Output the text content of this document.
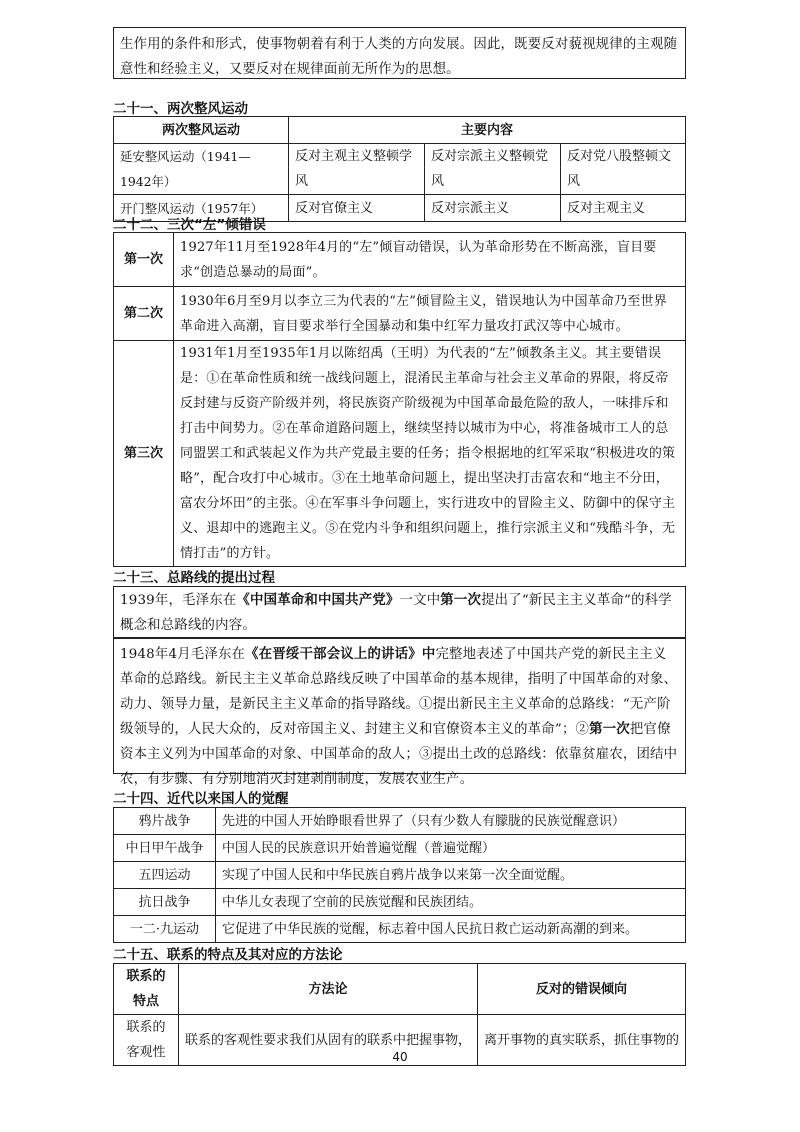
生作用的条件和形式，使事物朝着有利于人类的方向发展。因此，既要反对藐视规律的主观随意性和经验主义，又要反对在规律面前无所作为的思想。
二十一、两次整风运动
两次整风运动	主要内容		
延安整风运动（1941—1942年）	反对主观主义整顿学风	反对宗派主义整顿党风	反对党八股整顿文风
开门整风运动（1957年）	反对官僚主义	反对宗派主义	反对主观主义
二十二、三次“左”倾错误
第一次	1927年11月至1928年4月的“左”倾盲动错误，认为革命形势在不断高涨，盲目要求“创造总暴动的局面”。
第二次	1930年6月至9月以李立三为代表的“左”倾冒险主义，错误地认为中国革命乃至世界革命进入高潮，盲目要求举行全国暴动和集中红军力量攻打武汉等中心城市。
第三次	1931年1月至1935年1月以陈绍禹（王明）为代表的“左”倾教条主义。其主要错误是：①在革命性质和统一战线问题上，混淆民主革命与社会主义革命的界限，将反帝反封建与反资产阶级并列，将民族资产阶级视为中国革命最危险的敌人，一味排斥和打击中间势力。②在革命道路问题上，继续坚持以城市为中心，将准备城市工人的总同盟罢工和武装起义作为共产党最主要的任务；指令根据地的红军采取“积极进攻的策略”，配合攻打中心城市。③在土地革命问题上，提出坚决打击富农和“地主不分田，富农分坏田”的主张。④在军事斗争问题上，实行进攻中的冒险主义、防御中的保守主义、退却中的逃跑主义。⑤在党内斗争和组织问题上，推行宗派主义和“残酷斗争，无情打击”的方针。
二十三、总路线的提出过程
1939年，毛泽东在《中国革命和中国共产党》一文中第一次提出了“新民主主义革命”的科学概念和总路线的内容。
1948年4月毛泽东在《在晋绥干部会议上的讲话》中完整地表述了中国共产党的新民主主义革命的总路线。新民主主义革命总路线反映了中国革命的基本规律，指明了中国革命的对象、动力、领导力量，是新民主主义革命的指导路线。①提出新民主主义革命的总路线：“无产阶级领导的，人民大众的，反对帝国主义、封建主义和官僚资本主义的革命”；②第一次把官僚资本主义列为中国革命的对象、中国革命的敌人；③提出土改的总路线：依靠贫雇农，团结中农，有步骤、有分别地消灭封建剥削制度，发展农业生产。
二十四、近代以来国人的觉醒
鸦片战争	先进的中国人开始睁眼看世界了（只有少数人有朦胧的民族觉醒意识）
中日甲午战争	中国人民的民族意识开始普遍觉醒（普遍觉醒）
五四运动	实现了中国人民和中华民族自鸦片战争以来第一次全面觉醒。
抗日战争	中华儿女表现了空前的民族觉醒和民族团结。
一二·九运动	它促进了中华民族的觉醒，标志着中国人民抗日救亡运动新高潮的到来。
二十五、联系的特点及其对应的方法论
联系的特点	方法论	反对的错误倾向
联系的客观性	联系的客观性要求我们从固有的联系中把握事物，	离开事物的真实联系，抓住事物的
40
